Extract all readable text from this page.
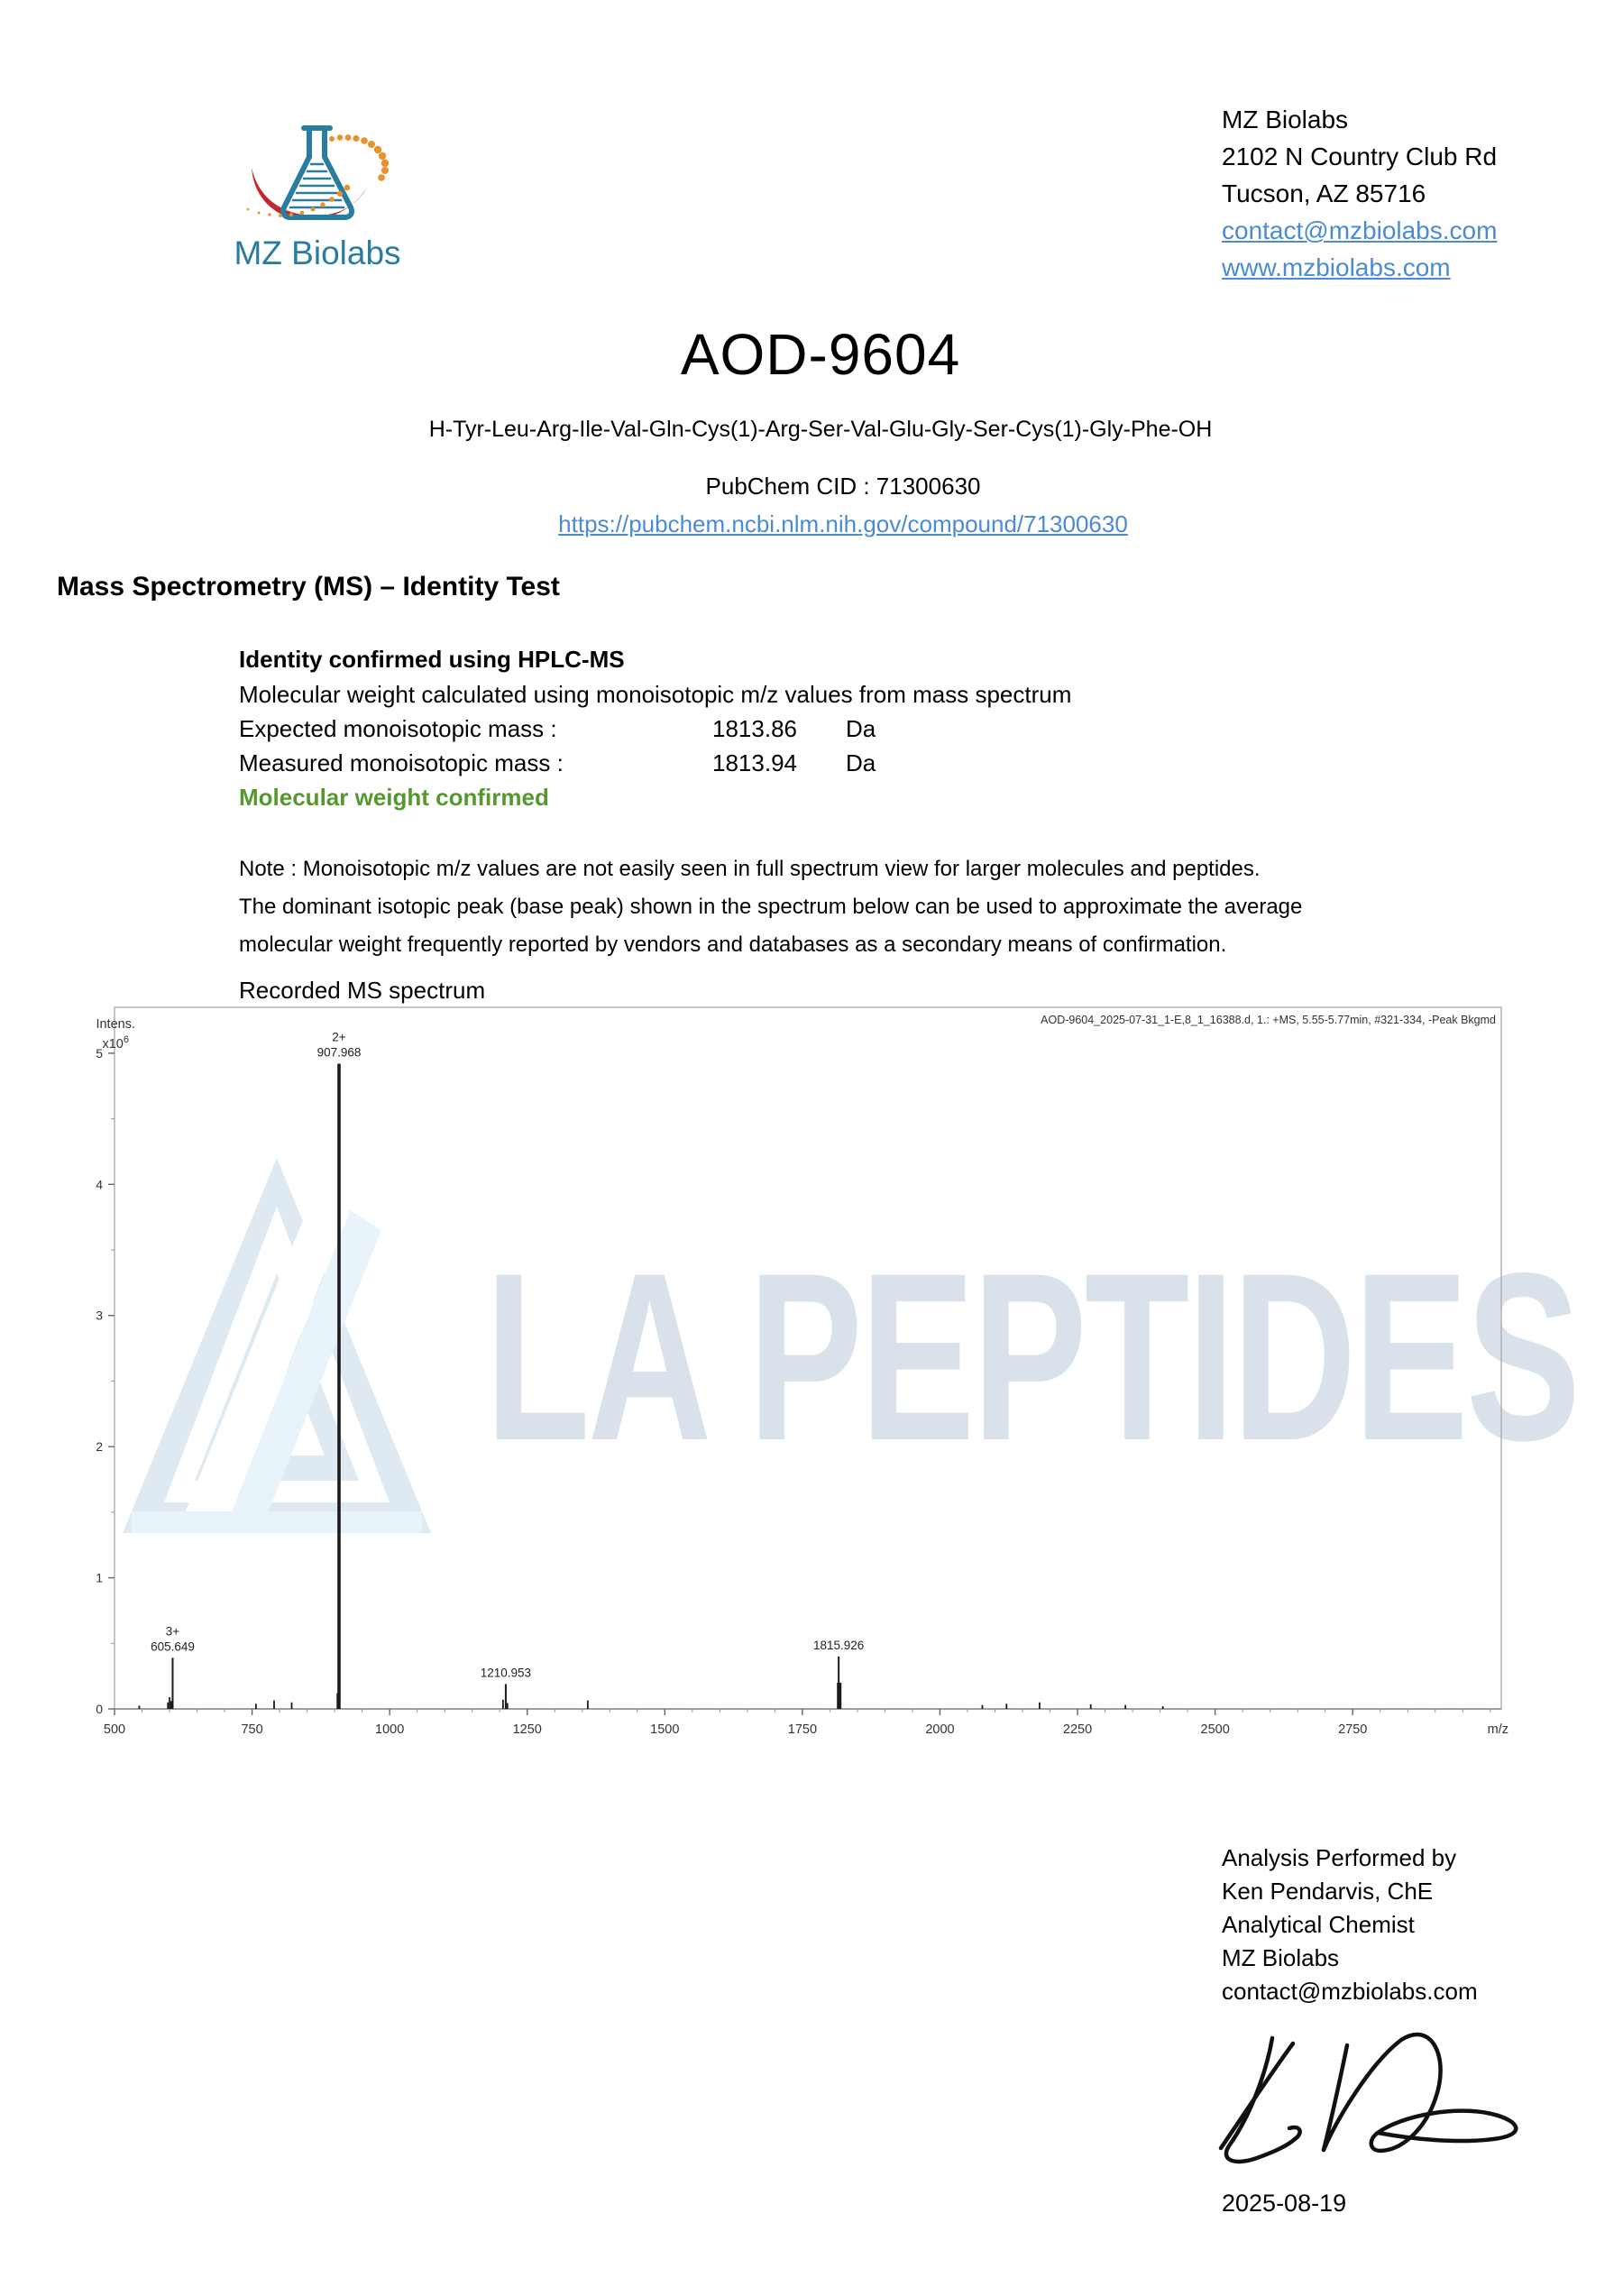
MZ Biolabs
MZ Biolabs
2102 N Country Club Rd
Tucson, AZ 85716
contact@mzbiolabs.com
www.mzbiolabs.com
AOD-9604
H-Tyr-Leu-Arg-Ile-Val-Gln-Cys(1)-Arg-Ser-Val-Glu-Gly-Ser-Cys(1)-Gly-Phe-OH
PubChem CID : 71300630
https://pubchem.ncbi.nlm.nih.gov/compound/71300630
Mass Spectrometry (MS) – Identity Test
Identity confirmed using HPLC-MS
Molecular weight calculated using monoisotopic m/z values from mass spectrum
Expected monoisotopic mass :	1813.86 Da
Measured monoisotopic mass :	1813.94 Da
Molecular weight confirmed
Note : Monoisotopic m/z values are not easily seen in full spectrum view for larger molecules and peptides.
The dominant isotopic peak (base peak) shown in the spectrum below can be used to approximate the average
molecular weight frequently reported by vendors and databases as a secondary means of confirmation.
Recorded MS spectrum
LA PEPTIDES
0
1
2
3
4
5
500	750	1000	1250	1500	1750	2000	2250	2500	2750	m/z
Intens.
$x10^6$
AOD-9604_2025-07-31_1-E,8_1_16388.d, 1.: +MS, 5.55-5.77min, #321-334, -Peak Bkgmd
605.649
3+
907.968
2+
1210.953
1815.926
Analysis Performed by
Ken Pendarvis, ChE
Analytical Chemist
MZ Biolabs
contact@mzbiolabs.com
2025-08-19
